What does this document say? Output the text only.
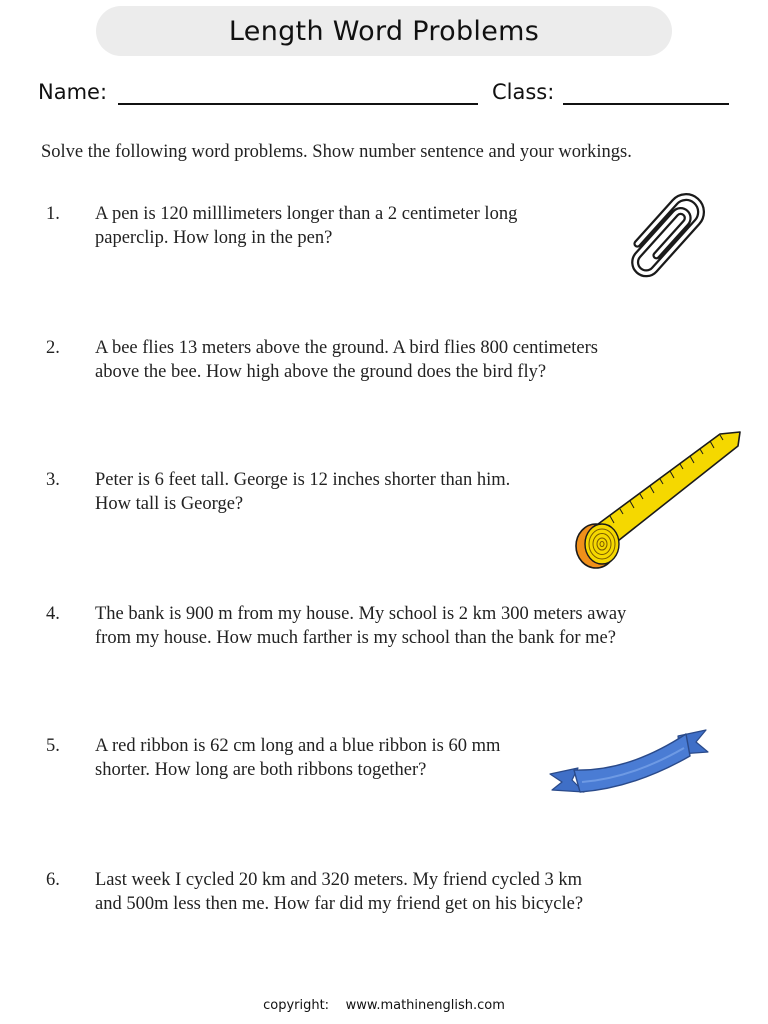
Length Word Problems
Name:	Class:
Solve the following word problems. Show number sentence and your workings.
1.	A pen is 120 milllimeters longer than a 2 centimeter long
paperclip. How long in the pen?
2.	A bee flies 13 meters above the ground. A bird flies 800 centimeters
above the bee. How high above the ground does the bird fly?
3.	Peter is 6 feet tall. George is 12 inches shorter than him.
How tall is George?
4.	The bank is 900 m from my house. My school is 2 km 300 meters away
from my house. How much farther is my school than the bank for me?
5.	A red ribbon is 62 cm long and a blue ribbon is 60 mm
shorter. How long are both ribbons together?
6.	Last week I cycled 20 km and 320 meters. My friend cycled 3 km
and 500m less then me. How far did my friend get on his bicycle?
copyright: www.mathinenglish.com
